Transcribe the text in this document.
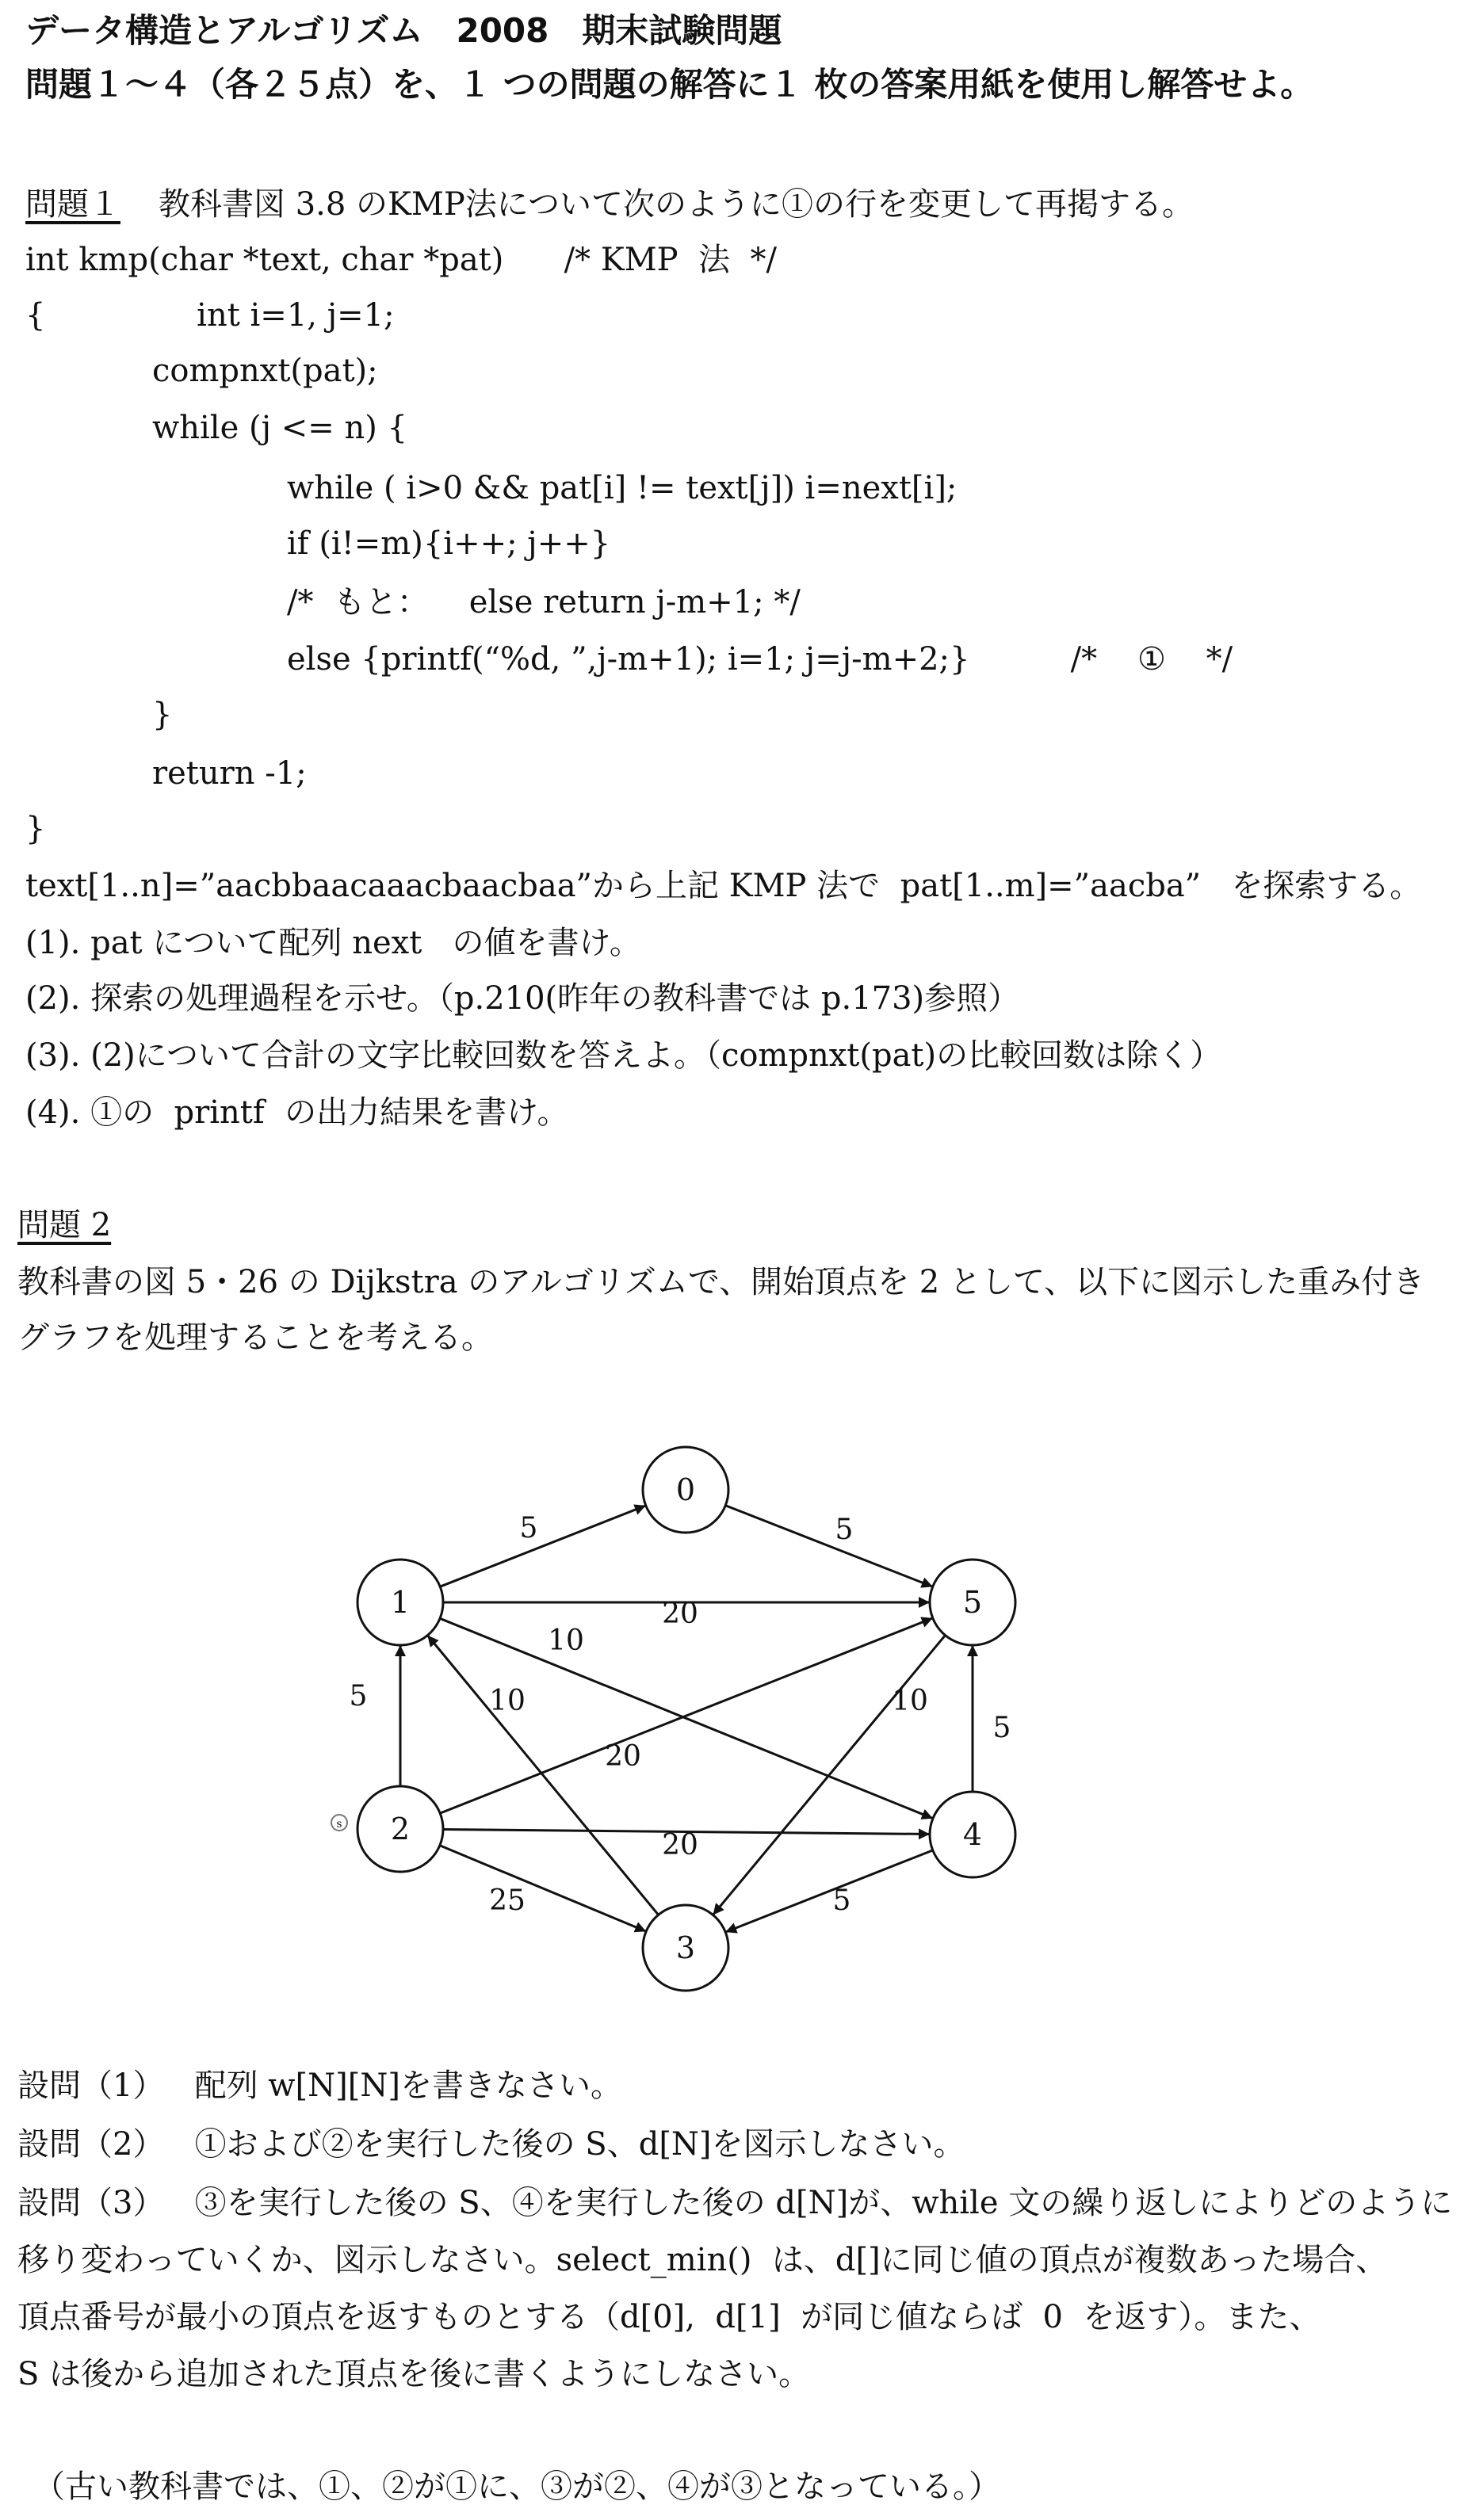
データ構造とアルゴリズム　2008　期末試験問題
問題１～４（各２５点）を、１ つの問題の解答に１ 枚の答案用紙を使用し解答せよ。
問題１ 教科書図 3.8 のKMP法について次のように①の行を変更して再掲する。
int kmp(char *text, char *pat)      /* KMP  法  */
{               int i=1, j=1;
compnxt(pat);
while (j <= n) {
while ( i>0 && pat[i] != text[j]) i=next[i];
if (i!=m){i++; j++}
/*  もと：    else return j-m+1; */
else {printf(“%d, ”,j-m+1); i=1; j=j-m+2;}          /*    ①    */
}
return -1;
}
text[1..n]=”aacbbaacaaacbaacbaa”から上記 KMP 法で  pat[1..m]=”aacba”   を探索する。
(1). pat について配列 next   の値を書け。
(2). 探索の処理過程を示せ。（p.210(昨年の教科書では p.173)参照）
(3). (2)について合計の文字比較回数を答えよ。（compnxt(pat)の比較回数は除く）
(4). ①の  printf  の出力結果を書け。
問題 2
教科書の図 5・26 の Dijkstra のアルゴリズムで、開始頂点を 2 として、以下に図示した重み付き
グラフを処理することを考える。
5	5
20
10
5	10
20
10
5
20
25	5
0
1
2
3
4
5
s
設問（1）   配列 w[N][N]を書きなさい。
設問（2）   ①および②を実行した後の S、d[N]を図示しなさい。
設問（3）   ③を実行した後の S、④を実行した後の d[N]が、while 文の繰り返しによりどのように
移り変わっていくか、図示しなさい。select_min()  は、d[]に同じ値の頂点が複数あった場合、
頂点番号が最小の頂点を返すものとする（d[0],  d[1]  が同じ値ならば  0  を返す）。また、
S は後から追加された頂点を後に書くようにしなさい。
（古い教科書では、①、②が①に、③が②、④が③となっている。）
